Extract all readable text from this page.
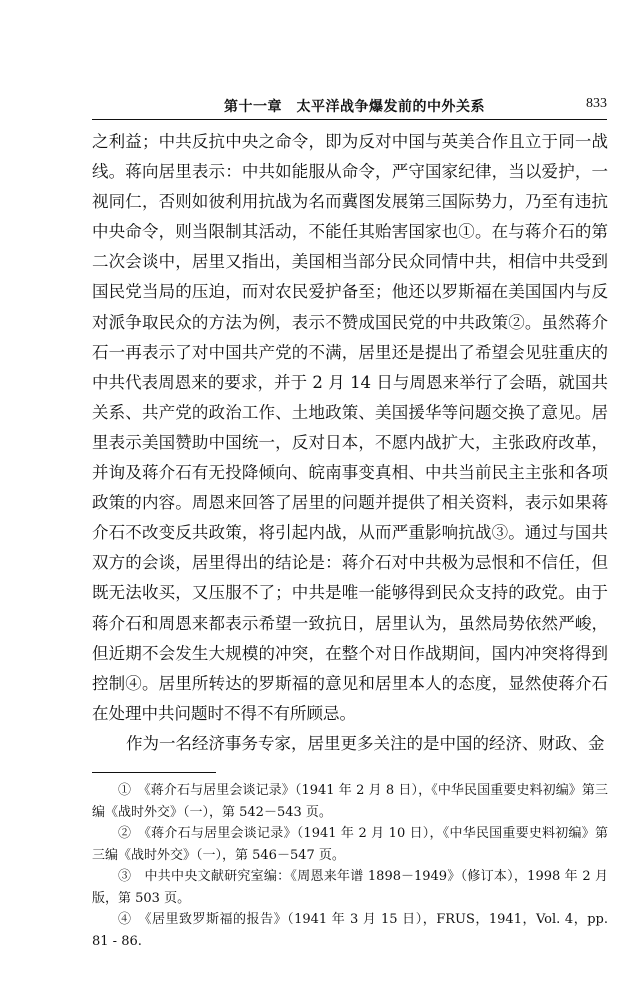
第十一章　太平洋战争爆发前的中外关系	833

之利益；中共反抗中央之命令，即为反对中国与英美合作且立于同一战线。蒋向居里表示：中共如能服从命令，严守国家纪律，当以爱护，一视同仁，否则如彼利用抗战为名而冀图发展第三国际势力，乃至有违抗中央命令，则当限制其活动，不能任其贻害国家也①。在与蒋介石的第二次会谈中，居里又指出，美国相当部分民众同情中共，相信中共受到国民党当局的压迫，而对农民爱护备至；他还以罗斯福在美国国内与反对派争取民众的方法为例，表示不赞成国民党的中共政策②。虽然蒋介石一再表示了对中国共产党的不满，居里还是提出了希望会见驻重庆的中共代表周恩来的要求，并于 2 月 14 日与周恩来举行了会晤，就国共关系、共产党的政治工作、土地政策、美国援华等问题交换了意见。居里表示美国赞助中国统一，反对日本，不愿内战扩大，主张政府改革，并询及蒋介石有无投降倾向、皖南事变真相、中共当前民主主张和各项政策的内容。周恩来回答了居里的问题并提供了相关资料，表示如果蒋介石不改变反共政策，将引起内战，从而严重影响抗战③。通过与国共双方的会谈，居里得出的结论是：蒋介石对中共极为忌恨和不信任，但既无法收买，又压服不了；中共是唯一能够得到民众支持的政党。由于蒋介石和周恩来都表示希望一致抗日，居里认为，虽然局势依然严峻，但近期不会发生大规模的冲突，在整个对日作战期间，国内冲突将得到控制④。居里所转达的罗斯福的意见和居里本人的态度，显然使蒋介石在处理中共问题时不得不有所顾忌。

作为一名经济事务专家，居里更多关注的是中国的经济、财政、金

①　《蒋介石与居里会谈记录》（1941 年 2 月 8 日），《中华民国重要史料初编》第三编《战时外交》（一），第 542－543 页。

②　《蒋介石与居里会谈记录》（1941 年 2 月 10 日），《中华民国重要史料初编》第三编《战时外交》（一），第 546－547 页。

③　中共中央文献研究室编：《周恩来年谱 1898－1949》（修订本），1998 年 2 月版，第 503 页。

④　《居里致罗斯福的报告》（1941 年 3 月 15 日），FRUS，1941，Vol. 4，pp. 81 - 86.
